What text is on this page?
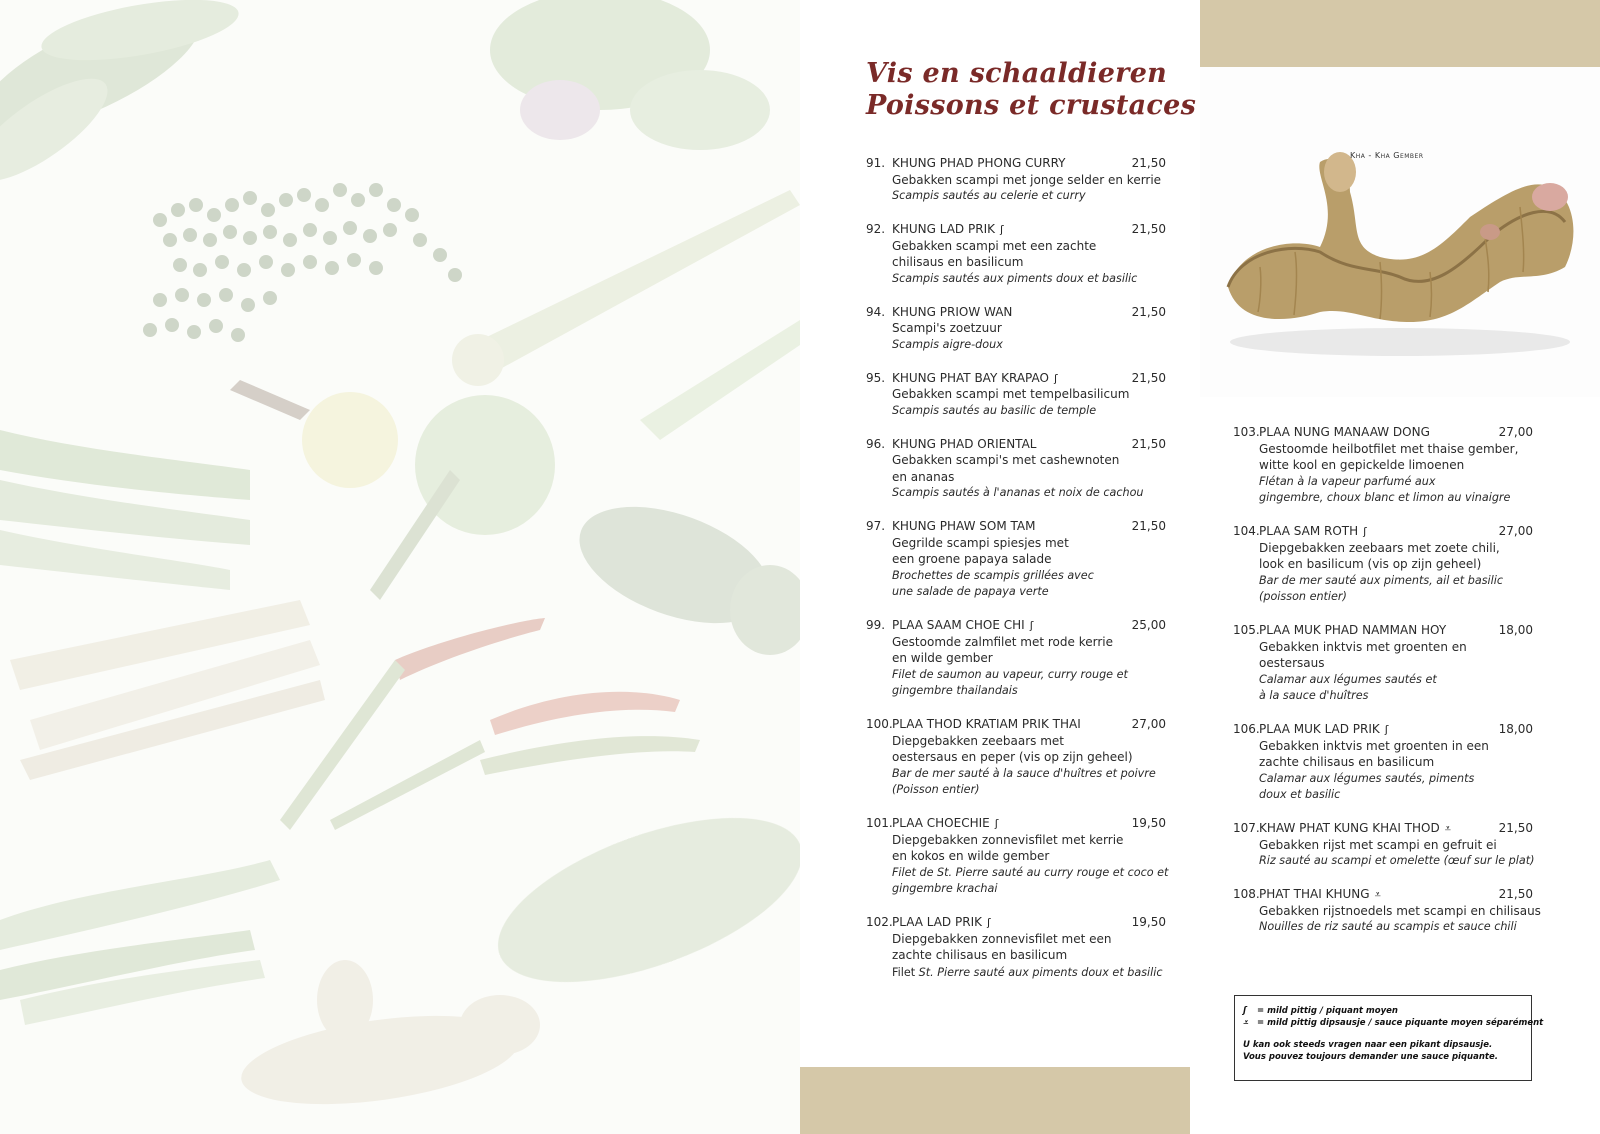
Vis en schaaldieren
Poissons et crustaces
91. KHUNG PHAD PHONG CURRY	21,50
Gebakken scampi met jonge selder en kerrie
Scampis sautés au celerie et curry
92. KHUNG LAD PRIK ʃ	21,50
Gebakken scampi met een zachte
chilisaus en basilicum
Scampis sautés aux piments doux et basilic
94. KHUNG PRIOW WAN	21,50
Scampi's zoetzuur
Scampis aigre-doux
95. KHUNG PHAT BAY KRAPAO ʃ	21,50
Gebakken scampi met tempelbasilicum
Scampis sautés au basilic de temple
96. KHUNG PHAD ORIENTAL	21,50
Gebakken scampi's met cashewnoten
en ananas
Scampis sautés à l'ananas et noix de cachou
97. KHUNG PHAW SOM TAM	21,50
Gegrilde scampi spiesjes met
een groene papaya salade
Brochettes de scampis grillées avec
une salade de papaya verte
99. PLAA SAAM CHOE CHI ʃ	25,00
Gestoomde zalmfilet met rode kerrie
en wilde gember
Filet de saumon au vapeur, curry rouge et
gingembre thailandais
100. PLAA THOD KRATIAM PRIK THAI	27,00
Diepgebakken zeebaars met
oestersaus en peper (vis op zijn geheel)
Bar de mer sauté à la sauce d'huîtres et poivre
(Poisson entier)
101. PLAA CHOECHIE ʃ	19,50
Diepgebakken zonnevisfilet met kerrie
en kokos en wilde gember
Filet de St. Pierre sauté au curry rouge et coco et
gingembre krachai
102. PLAA LAD PRIK ʃ	19,50
Diepgebakken zonnevisfilet met een
zachte chilisaus en basilicum
Filet St. Pierre sauté aux piments doux et basilic
Kha - Kha Gember
103. PLAA NUNG MANAAW DONG	27,00
Gestoomde heilbotfilet met thaise gember,
witte kool en gepickelde limoenen
Flétan à la vapeur parfumé aux
gingembre, choux blanc et limon au vinaigre
104. PLAA SAM ROTH ʃ	27,00
Diepgebakken zeebaars met zoete chili,
look en basilicum (vis op zijn geheel)
Bar de mer sauté aux piments, ail et basilic
(poisson entier)
105. PLAA MUK PHAD NAMMAN HOY	18,00
Gebakken inktvis met groenten en
oestersaus
Calamar aux légumes sautés et
à la sauce d'huîtres
106. PLAA MUK LAD PRIK ʃ	18,00
Gebakken inktvis met groenten in een
zachte chilisaus en basilicum
Calamar aux légumes sautés, piments
doux et basilic
107. KHAW PHAT KUNG KHAI THOD ⩡	21,50
Gebakken rijst met scampi en gefruit ei
Riz sauté au scampi et omelette (œuf sur le plat)
108. PHAT THAI KHUNG ⩡	21,50
Gebakken rijstnoedels met scampi en chilisaus
Nouilles de riz sauté au scampis et sauce chili
ʃ = mild pittig / piquant moyen
⩡ = mild pittig dipsausje / sauce piquante moyen séparément
U kan ook steeds vragen naar een pikant dipsausje.
Vous pouvez toujours demander une sauce piquante.
